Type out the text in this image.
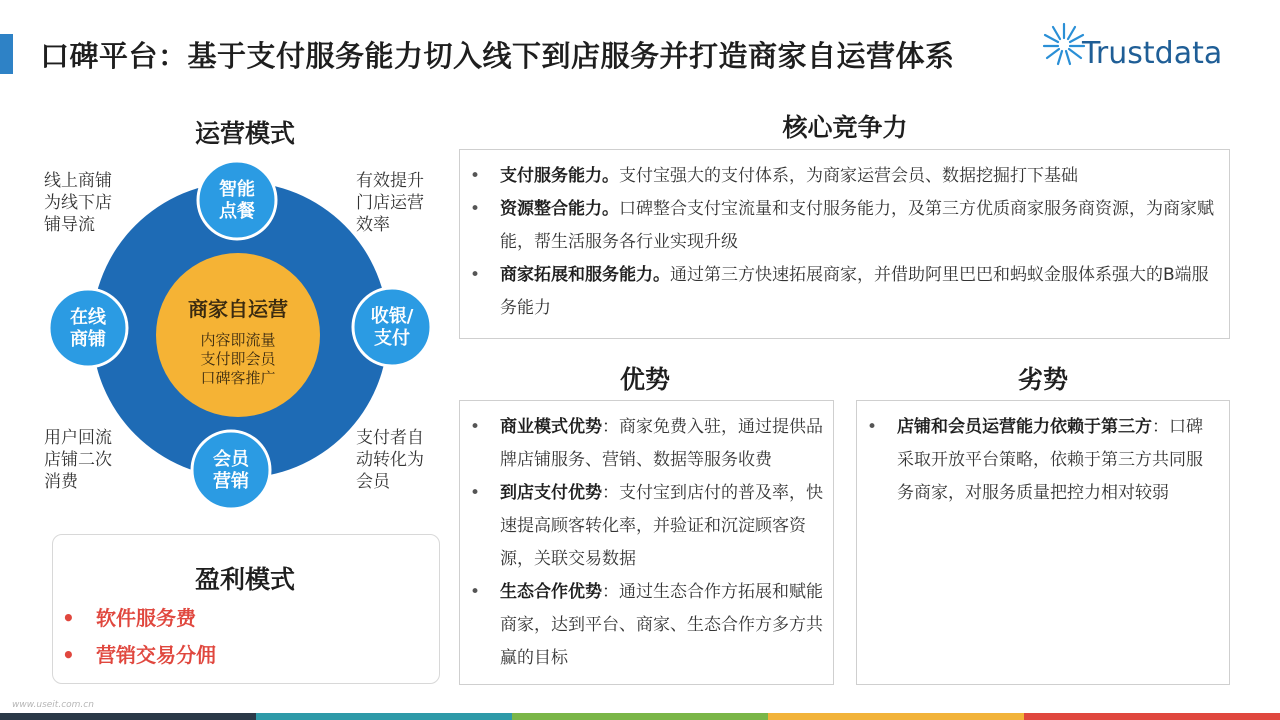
口碑平台：基于支付服务能力切入线下到店服务并打造商家自运营体系	Trustdata
运营模式
商家自运营
内容即流量
支付即会员
口碑客推广
智能
点餐
收银/
支付
会员
营销
在线
商铺
线上商铺
为线下店
铺导流
有效提升
门店运营
效率
用户回流
店铺二次
消费
支付者自
动转化为
会员
盈利模式
• 软件服务费
• 营销交易分佣
核心竞争力
• 支付服务能力。支付宝强大的支付体系，为商家运营会员、数据挖掘打下基础
• 资源整合能力。口碑整合支付宝流量和支付服务能力，及第三方优质商家服务商资源，为商家赋能，帮生活服务各行业实现升级
• 商家拓展和服务能力。通过第三方快速拓展商家，并借助阿里巴巴和蚂蚁金服体系强大的B端服务能力
优势
• 商业模式优势：商家免费入驻，通过提供品牌店铺服务、营销、数据等服务收费
• 到店支付优势：支付宝到店付的普及率，快速提高顾客转化率，并验证和沉淀顾客资源，关联交易数据
• 生态合作优势：通过生态合作方拓展和赋能商家，达到平台、商家、生态合作方多方共赢的目标
劣势
• 店铺和会员运营能力依赖于第三方：口碑采取开放平台策略，依赖于第三方共同服务商家，对服务质量把控力相对较弱
www.useit.com.cn
